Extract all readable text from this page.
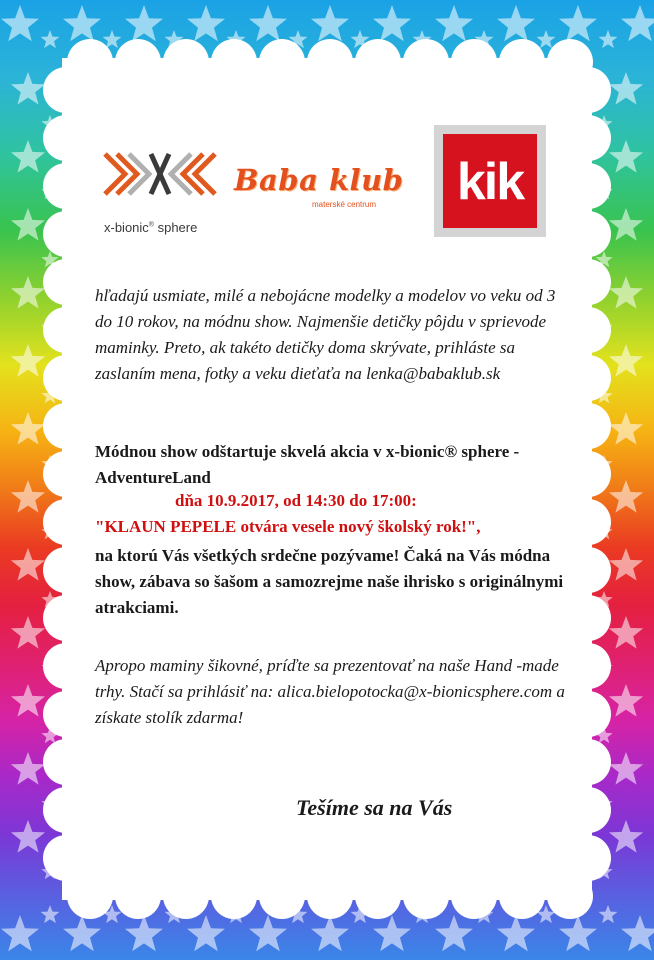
x-bionic® sphere
Baba klub
materské centrum kik

hľadajú usmiate, milé a nebojácne modelky a modelov vo veku od 3 do 10 rokov, na módnu show. Najmenšie detičky pôjdu v sprievode maminky. Preto, ak takéto detičky doma skrývate, prihláste sa zaslaním mena, fotky a veku dieťaťa na lenka@babaklub.sk

Módnou show odštartuje skvelá akcia v x-bionic® sphere - AdventureLand

dňa 10.9.2017, od 14:30 do 17:00:
"KLAUN PEPELE otvára vesele nový školský rok!",

na ktorú Vás všetkých srdečne pozývame! Čaká na Vás módna show, zábava so šašom a samozrejme naše ihrisko s originálnymi atrakciami.

Apropo maminy šikovné, príďte sa prezentovať na naše Hand -made trhy. Stačí sa prihlásiť na: alica.bielopotocka@x-bionicsphere.com a získate stolík zdarma!

Tešíme sa na Vás
